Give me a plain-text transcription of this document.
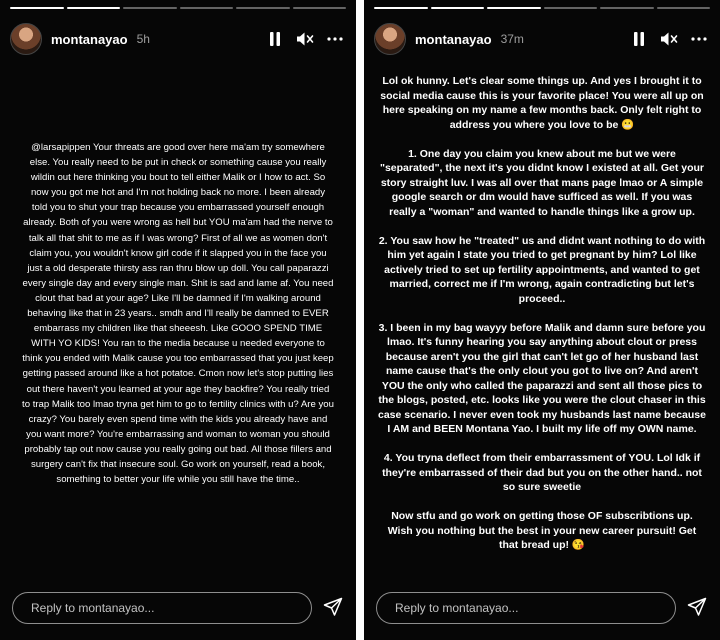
montanayao 5h
@larsapippen Your threats are good over here ma'am try somewhere else. You really need to be put in check or something cause you really wildin out here thinking you bout to tell either Malik or I how to act. So now you got me hot and I'm not holding back no more. I been already told you to shut your trap because you embarrassed yourself enough already. Both of you were wrong as hell but YOU ma'am had the nerve to talk all that shit to me as if I was wrong? First of all we as women don't claim you, you wouldn't know girl code if it slapped you in the face you just a old desperate thirsty ass ran thru blow up doll. You call paparazzi every single day and every single man. Shit is sad and lame af. You need clout that bad at your age? Like I'll be damned if I'm walking around behaving like that in 23 years.. smdh and I'll really be damned to EVER embarrass my children like that sheeesh. Like GOOO SPEND TIME WITH YO KIDS! You ran to the media because u needed everyone to think you ended with Malik cause you too embarrassed that you just keep getting passed around like a hot potatoe. Cmon now let's stop putting lies out there haven't you learned at your age they backfire? You really tried to trap Malik too lmao tryna get him to go to fertility clinics with u? Are you crazy? You barely even spend time with the kids you already have and you want more? You're embarrassing and woman to woman you should probably tap out now cause you really going out bad. All those fillers and surgery can't fix that insecure soul. Go work on yourself, read a book, something to better your life while you still have the time..
Reply to montanayao...
montanayao 37m
Lol ok hunny. Let's clear some things up. And yes I brought it to social media cause this is your favorite place! You were all up on here speaking on my name a few months back. Only felt right to address you where you love to be 😬

1. One day you claim you knew about me but we were "separated", the next it's you didnt know I existed at all. Get your story straight luv. I was all over that mans page lmao or A simple google search or dm would have sufficed as well. If you was really a "woman" and wanted to handle things like a grow up.

2. You saw how he "treated" us and didnt want nothing to do with him yet again I state you tried to get pregnant by him? Lol like actively tried to set up fertility appointments, and wanted to get married, correct me if I'm wrong, again contradicting but let's proceed..

3. I been in my bag wayyy before Malik and damn sure before you lmao. It's funny hearing you say anything about clout or press because aren't you the girl that can't let go of her husband last name cause that's the only clout you got to live on? And aren't YOU the only who called the paparazzi and sent all those pics to the blogs, posted, etc. looks like you were the clout chaser in this case scenario. I never even took my husbands last name because I AM and BEEN Montana Yao. I built my life off my OWN name.

4. You tryna deflect from their embarrassment of YOU. Lol Idk if they're embarrassed of their dad but you on the other hand.. not so sure sweetie

Now stfu and go work on getting those OF subscribtions up. Wish you nothing but the best in your new career pursuit! Get that bread up! 😘
Reply to montanayao...
